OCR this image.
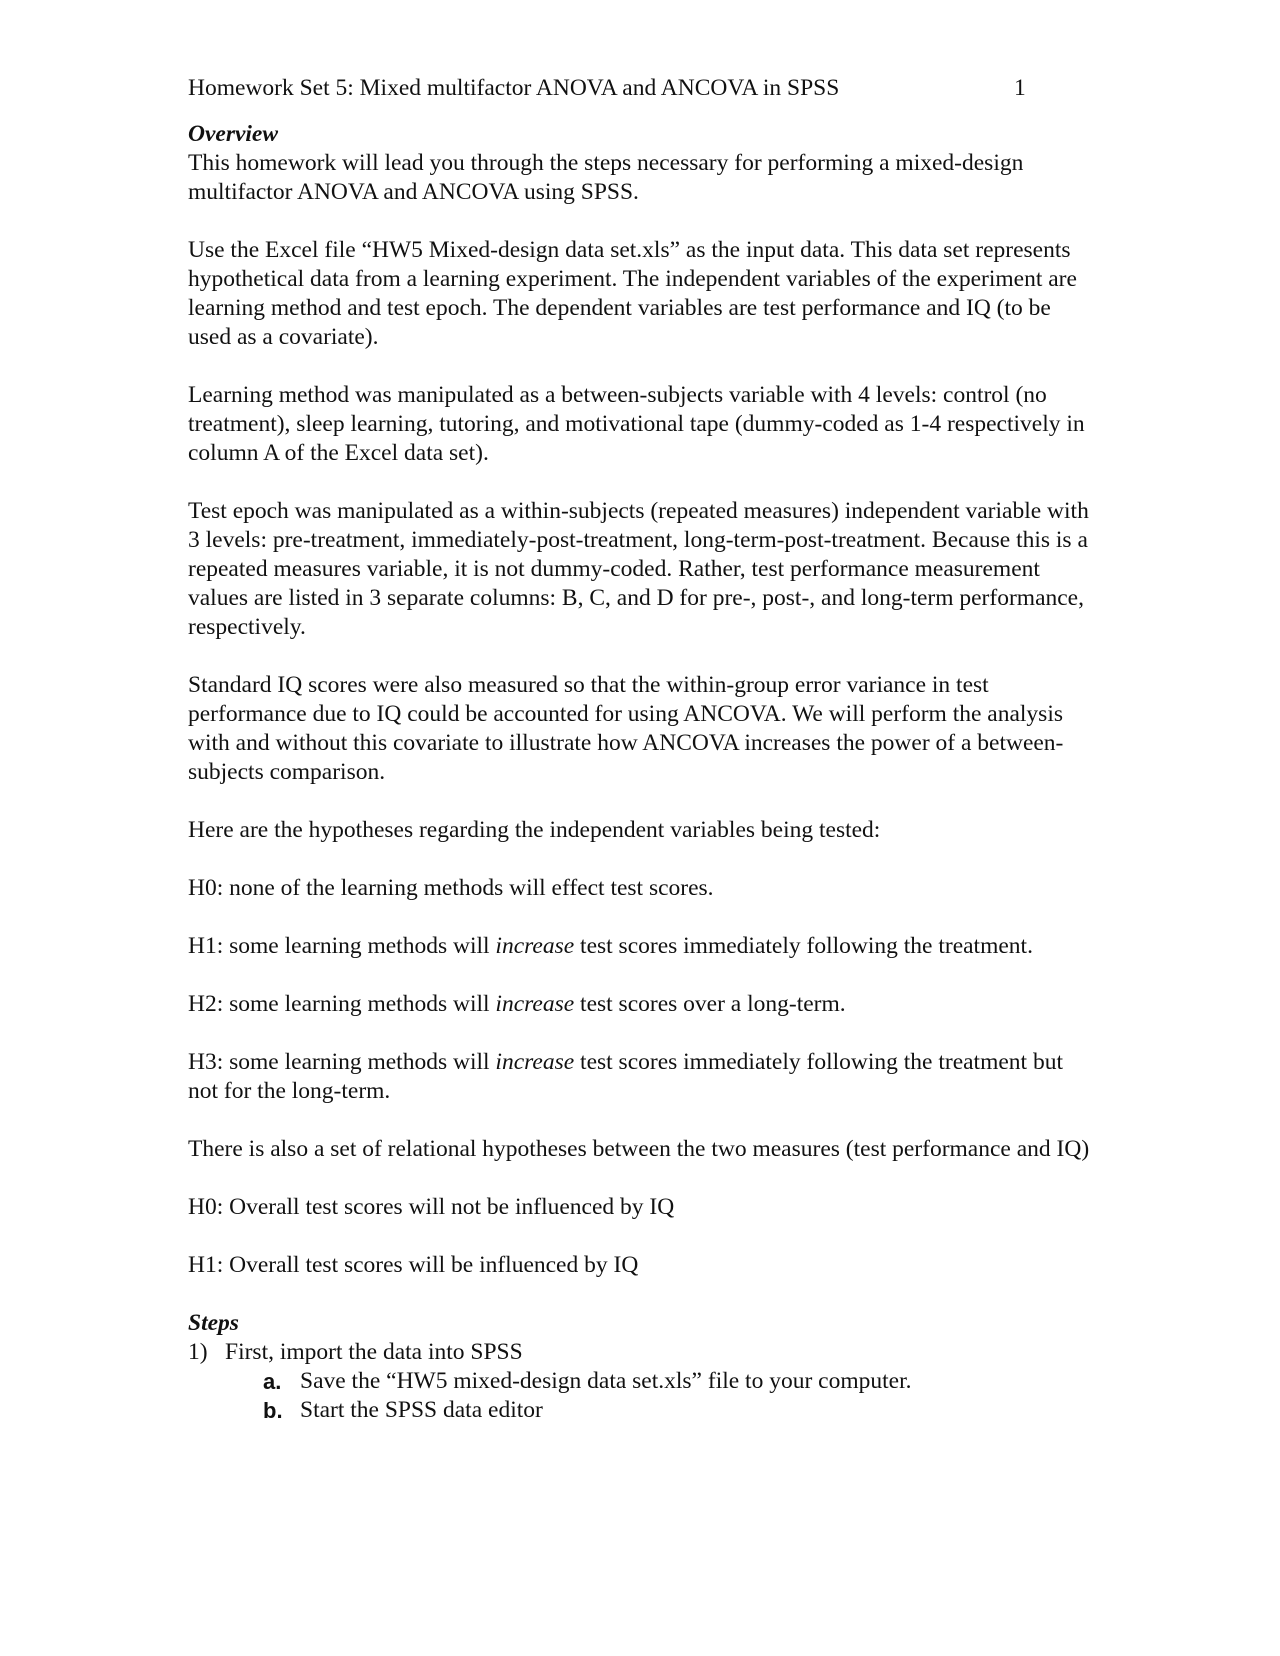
Homework Set 5: Mixed multifactor ANOVA and ANCOVA in SPSS	1
Overview

This homework will lead you through the steps necessary for performing a mixed-design multifactor ANOVA and ANCOVA using SPSS.

Use the Excel file “HW5 Mixed-design data set.xls” as the input data. This data set represents hypothetical data from a learning experiment. The independent variables of the experiment are learning method and test epoch. The dependent variables are test performance and IQ (to be used as a covariate).

Learning method was manipulated as a between-subjects variable with 4 levels: control (no treatment), sleep learning, tutoring, and motivational tape (dummy-coded as 1-4 respectively in column A of the Excel data set).

Test epoch was manipulated as a within-subjects (repeated measures) independent variable with 3 levels: pre-treatment, immediately-post-treatment, long-term-post-treatment. Because this is a repeated measures variable, it is not dummy-coded. Rather, test performance measurement values are listed in 3 separate columns: B, C, and D for pre-, post-, and long-term performance, respectively.

Standard IQ scores were also measured so that the within-group error variance in test performance due to IQ could be accounted for using ANCOVA. We will perform the analysis with and without this covariate to illustrate how ANCOVA increases the power of a between-subjects comparison.

Here are the hypotheses regarding the independent variables being tested:

H0: none of the learning methods will effect test scores.

H1: some learning methods will increase test scores immediately following the treatment.

H2: some learning methods will increase test scores over a long-term.

H3: some learning methods will increase test scores immediately following the treatment but not for the long-term.

There is also a set of relational hypotheses between the two measures (test performance and IQ)

H0: Overall test scores will not be influenced by IQ

H1: Overall test scores will be influenced by IQ

Steps
1) First, import the data into SPSS
a. Save the “HW5 mixed-design data set.xls” file to your computer.
b. Start the SPSS data editor
